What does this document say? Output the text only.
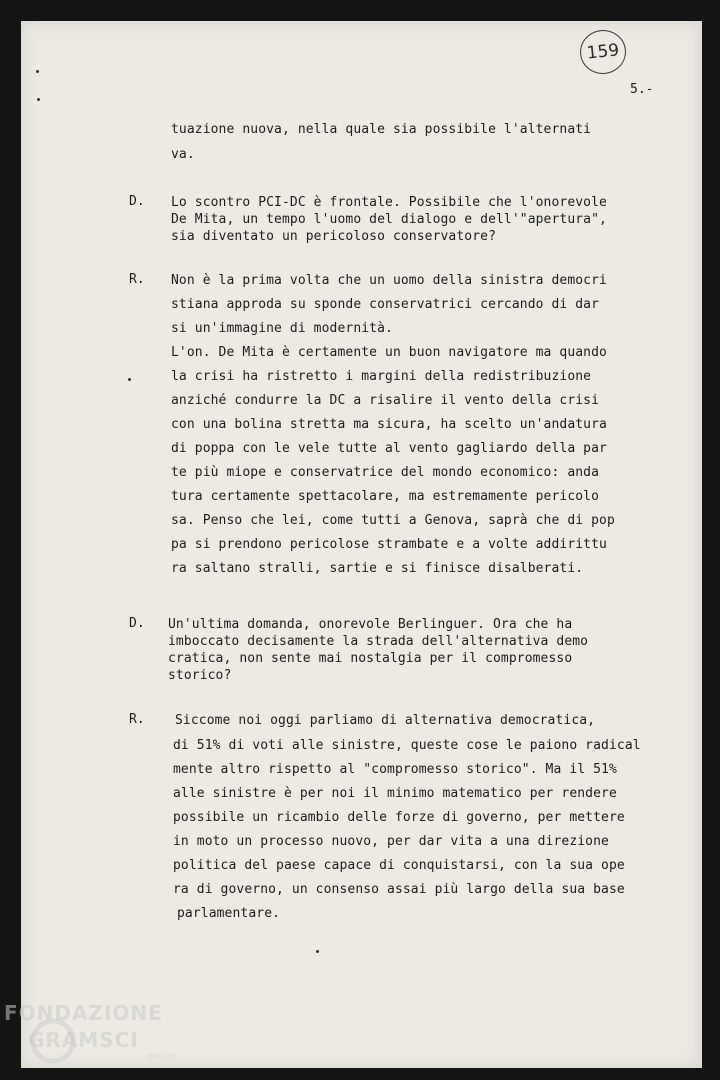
159
5.-
tuazione nuova, nella quale sia possibile l'alternati
va.
D. Lo scontro PCI-DC è frontale. Possibile che l'onorevole
De Mita, un tempo l'uomo del dialogo e dell'"apertura",
sia diventato un pericoloso conservatore?
R. Non è la prima volta che un uomo della sinistra democri
stiana approda su sponde conservatrici cercando di dar
si un'immagine di modernità.
L'on. De Mita è certamente un buon navigatore ma quando
la crisi ha ristretto i margini della redistribuzione
anziché condurre la DC a risalire il vento della crisi
con una bolina stretta ma sicura, ha scelto un'andatura
di poppa con le vele tutte al vento gagliardo della par
te più miope e conservatrice del mondo economico: anda
tura certamente spettacolare, ma estremamente pericolo
sa. Penso che lei, come tutti a Genova, saprà che di pop
pa si prendono pericolose strambate e a volte addirittu
ra saltano stralli, sartie e si finisce disalberati.
D. Un'ultima domanda, onorevole Berlinguer. Ora che ha
imboccato decisamente la strada dell'alternativa demo
cratica, non sente mai nostalgia per il compromesso
storico?
R. Siccome noi oggi parliamo di alternativa democratica,
di 51% di voti alle sinistre, queste cose le paiono radical
mente altro rispetto al "compromesso storico". Ma il 51%
alle sinistre è per noi il minimo matematico per rendere
possibile un ricambio delle forze di governo, per mettere
in moto un processo nuovo, per dar vita a una direzione
politica del paese capace di conquistarsi, con la sua ope
ra di governo, un consenso assai più largo della sua base
parlamentare.
FONDAZIONE
GRAMSCI
onlus
